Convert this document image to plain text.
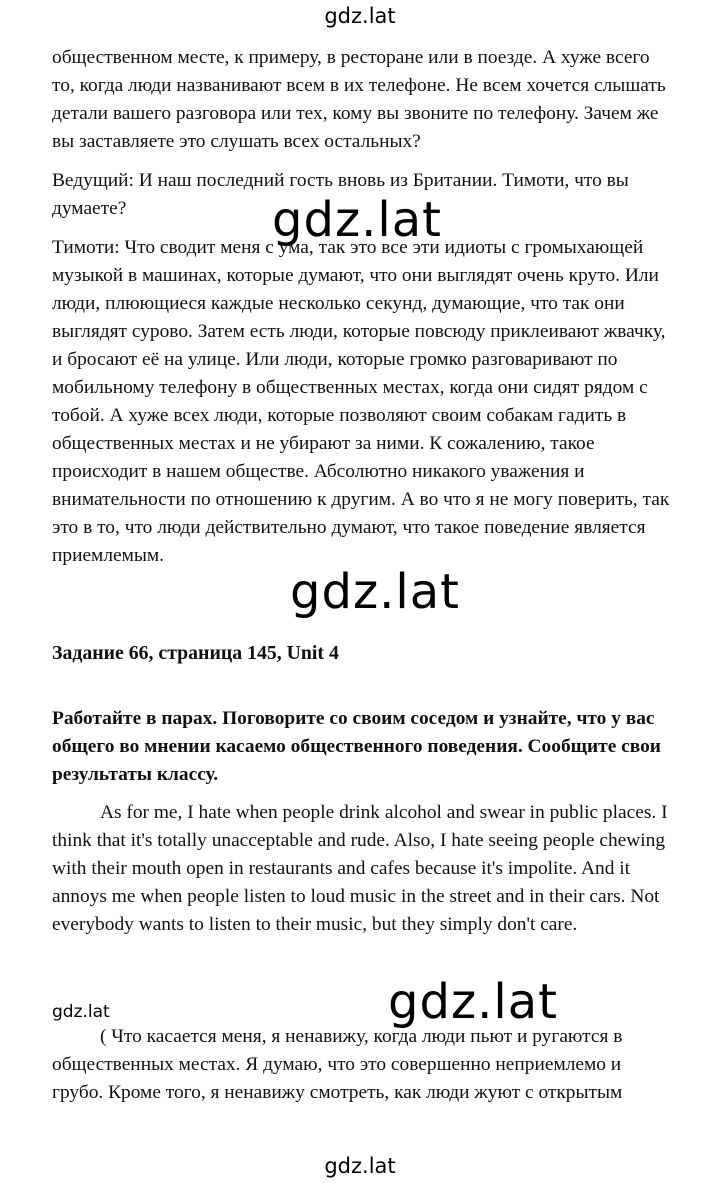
gdz.lat

общественном месте, к примеру, в ресторане или в поезде. А хуже всего то, когда люди названивают всем в их телефоне. Не всем хочется слышать детали вашего разговора или тех, кому вы звоните по телефону. Зачем же вы заставляете это слушать всех остальных?

Ведущий: И наш последний гость вновь из Британии. Тимоти, что вы думаете?

Тимоти: Что сводит меня с ума, так это все эти идиоты с громыхающей музыкой в машинах, которые думают, что они выглядят очень круто. Или люди, плюющиеся каждые несколько секунд, думающие, что так они выглядят сурово. Затем есть люди, которые повсюду приклеивают жвачку, и бросают её на улице. Или люди, которые громко разговаривают по мобильному телефону в общественных местах, когда они сидят рядом с тобой. А хуже всех люди, которые позволяют своим собакам гадить в общественных местах и не убирают за ними. К сожалению, такое происходит в нашем обществе. Абсолютно никакого уважения и внимательности по отношению к другим. А во что я не могу поверить, так это в то, что люди действительно думают, что такое поведение является приемлемым.

Задание 66, страница 145, Unit 4

Работайте в парах. Поговорите со своим соседом и узнайте, что у вас общего во мнении касаемо общественного поведения. Сообщите свои результаты классу.

As for me, I hate when people drink alcohol and swear in public places. I think that it's totally unacceptable and rude. Also, I hate seeing people chewing with their mouth open in restaurants and cafes because it's impolite. And it annoys me when people listen to loud music in the street and in their cars. Not everybody wants to listen to their music, but they simply don't care.

( Что касается меня, я ненавижу, когда люди пьют и ругаются в общественных местах. Я думаю, что это совершенно неприемлемо и грубо. Кроме того, я ненавижу смотреть, как люди жуют с открытым

gdz.lat
gdz.lat
gdz.lat
gdz.lat
gdz.lat
